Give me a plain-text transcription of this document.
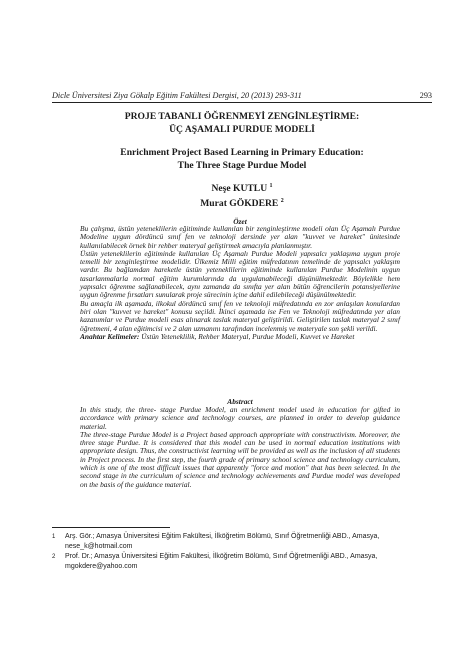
Dicle Üniversitesi Ziya Gökalp Eğitim Fakültesi Dergisi, 20 (2013) 293-311	293
PROJE TABANLI ÖĞRENMEYİ ZENGİNLEŞTİRME:
ÜÇ AŞAMALI PURDUE MODELİ
Enrichment Project Based Learning in Primary Education:
The Three Stage Purdue Model
Neşe KUTLU $^1$
Murat GÖKDERE $^2$
Özet

Bu çalışma, üstün yeteneklilerin eğitiminde kullanılan bir zenginleştirme modeli olan Üç Aşamalı Purdue Modeline uygun dördüncü sınıf fen ve teknoloji dersinde yer alan "kuvvet ve hareket" ünitesinde kullanılabilecek örnek bir rehber materyal geliştirmek amacıyla planlanmıştır.

Üstün yeteneklilerin eğitiminde kullanılan Üç Aşamalı Purdue Modeli yapısalcı yaklaşıma uygun proje temelli bir zenginleştirme modelidir. Ülkemiz Milli eğitim müfredatının temelinde de yapısalcı yaklaşım vardır. Bu bağlamdan hareketle üstün yeteneklilerin eğitiminde kullanılan Purdue Modelinin uygun tasarlanmalarla normal eğitim kurumlarında da uygulanabileceği düşünülmektedir. Böylelikle hem yapısalcı öğrenme sağlanabilecek, aynı zamanda da sınıfta yer alan bütün öğrencilerin potansiyellerine uygun öğrenme fırsatları sunularak proje sürecinin içine dahil edilebileceği düşünülmektedir.

Bu amaçla ilk aşamada, ilkokul dördüncü sınıf fen ve teknoloji müfredatında en zor anlaşılan konulardan biri olan "kuvvet ve hareket" konusu seçildi. İkinci aşamada ise Fen ve Teknoloji müfredatında yer alan kazanımlar ve Purdue modeli esas alınarak taslak materyal geliştirildi. Geliştirilen taslak materyal 2 sınıf öğretmeni, 4 alan eğitimcisi ve 2 alan uzmanını tarafından incelenmiş ve materyale son şekli verildi.

Anahtar Kelimeler: Üstün Yeteneklilik, Rehber Materyal, Purdue Modeli, Kuvvet ve Hareket

Abstract

In this study, the three- stage Purdue Model, an enrichment model used in education for gifted in accordance with primary science and technology courses, are planned in order to develop guidance material.

The three-stage Purdue Model is a Project based approach appropriate with constructivism. Moreover, the three stage Purdue. It is considered that this model can be used in normal education institutions with appropriate design. Thus, the constructivist learning will be provided as well as the inclusion of all students in Project process. In the first step, the fourth grade of primary school science and technology curriculum, which is one of the most difficult issues that apparently "force and motion" that has been selected. In the second stage in the curriculum of science and technology achievements and Purdue model was developed on the basis of the guidance material.

1	Arş. Gör.; Amasya Üniversitesi Eğitim Fakültesi, İlköğretim Bölümü, Sınıf Öğretmenliği ABD., Amasya, nese_k@hotmail.com
2	Prof. Dr.; Amasya Üniversitesi Eğitim Fakültesi, İlköğretim Bölümü, Sınıf Öğretmenliği ABD., Amasya, mgokdere@yahoo.com
